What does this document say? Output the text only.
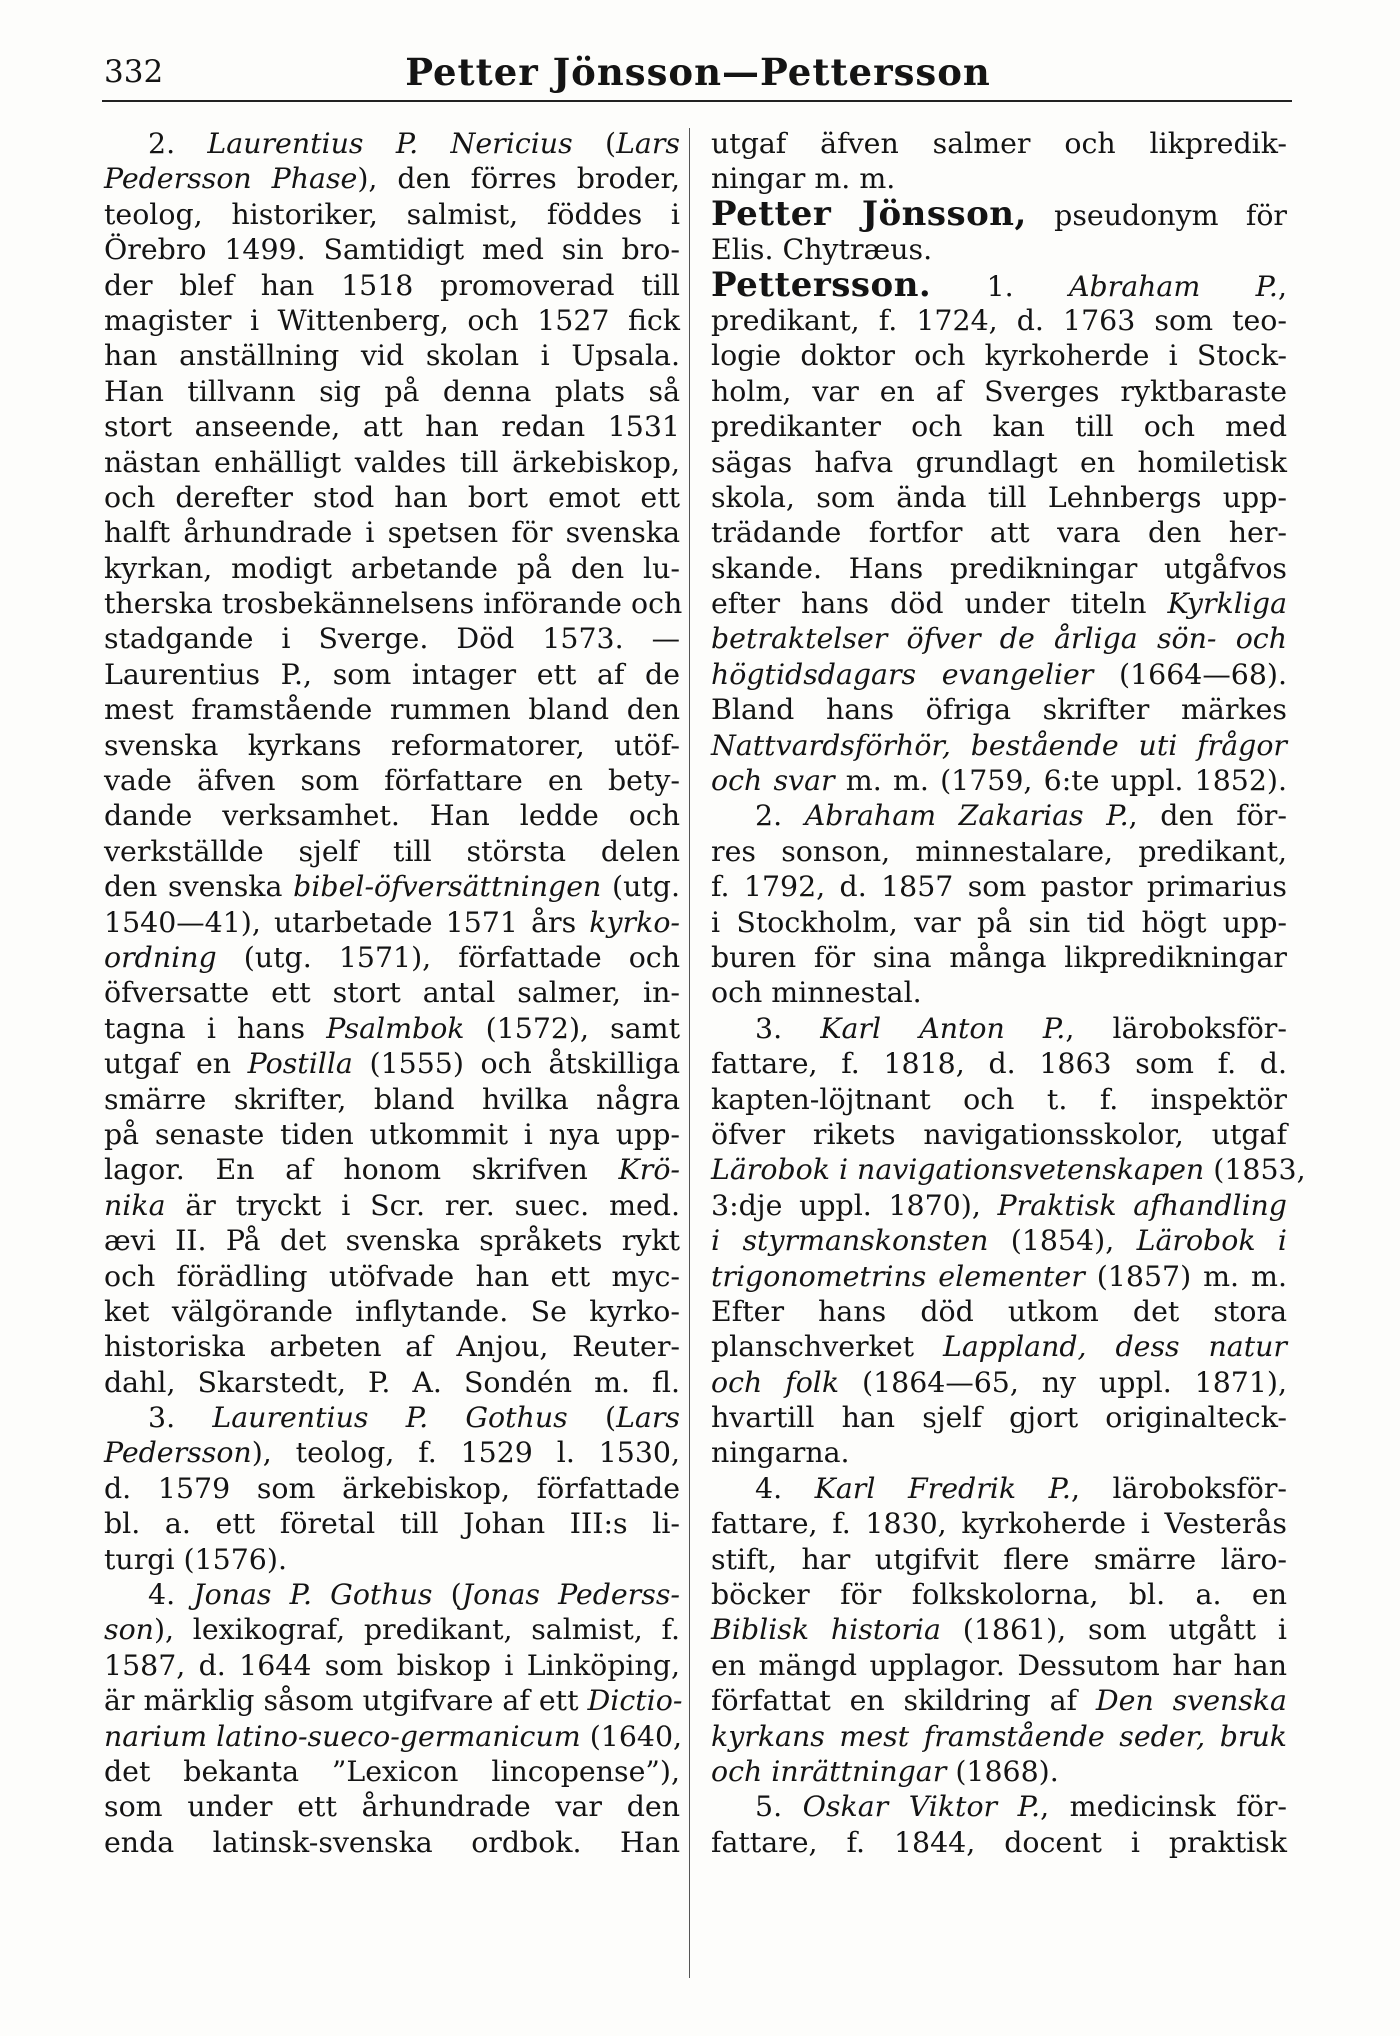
332	Petter Jönsson—Pettersson
2. Laurentius P. Nericius (Lars
Pedersson Phase), den förres broder,
teolog, historiker, salmist, föddes i
Örebro 1499. Samtidigt med sin bro-
der blef han 1518 promoverad till
magister i Wittenberg, och 1527 fick
han anställning vid skolan i Upsala.
Han tillvann sig på denna plats så
stort anseende, att han redan 1531
nästan enhälligt valdes till ärkebiskop,
och derefter stod han bort emot ett
halft århundrade i spetsen för svenska
kyrkan, modigt arbetande på den lu-
therska trosbekännelsens införande och
stadgande i Sverge. Död 1573. —
Laurentius P., som intager ett af de
mest framstående rummen bland den
svenska kyrkans reformatorer, utöf-
vade äfven som författare en bety-
dande verksamhet. Han ledde och
verkställde sjelf till största delen
den svenska bibel-öfversättningen (utg.
1540—41), utarbetade 1571 års kyrko-
ordning (utg. 1571), författade och
öfversatte ett stort antal salmer, in-
tagna i hans Psalmbok (1572), samt
utgaf en Postilla (1555) och åtskilliga
smärre skrifter, bland hvilka några
på senaste tiden utkommit i nya upp-
lagor. En af honom skrifven Krö-
nika är tryckt i Scr. rer. suec. med.
ævi II. På det svenska språkets rykt
och förädling utöfvade han ett myc-
ket välgörande inflytande. Se kyrko-
historiska arbeten af Anjou, Reuter-
dahl, Skarstedt, P. A. Sondén m. fl.
3. Laurentius P. Gothus (Lars
Pedersson), teolog, f. 1529 l. 1530,
d. 1579 som ärkebiskop, författade
bl. a. ett företal till Johan III:s li-
turgi (1576).
4. Jonas P. Gothus (Jonas Pederss-
son), lexikograf, predikant, salmist, f.
1587, d. 1644 som biskop i Linköping,
är märklig såsom utgifvare af ett Dictio-
narium latino-sueco-germanicum (1640,
det bekanta ”Lexicon lincopense”),
som under ett århundrade var den
enda latinsk-svenska ordbok. Han
utgaf äfven salmer och likpredik-
ningar m. m.
Petter Jönsson, pseudonym för
Elis. Chytræus.
Pettersson. 1. Abraham P.,
predikant, f. 1724, d. 1763 som teo-
logie doktor och kyrkoherde i Stock-
holm, var en af Sverges ryktbaraste
predikanter och kan till och med
sägas hafva grundlagt en homiletisk
skola, som ända till Lehnbergs upp-
trädande fortfor att vara den her-
skande. Hans predikningar utgåfvos
efter hans död under titeln Kyrkliga
betraktelser öfver de årliga sön- och
högtidsdagars evangelier (1664—68).
Bland hans öfriga skrifter märkes
Nattvardsförhör, bestående uti frågor
och svar m. m. (1759, 6:te uppl. 1852).
2. Abraham Zakarias P., den för-
res sonson, minnestalare, predikant,
f. 1792, d. 1857 som pastor primarius
i Stockholm, var på sin tid högt upp-
buren för sina många likpredikningar
och minnestal.
3. Karl Anton P., läroboksför-
fattare, f. 1818, d. 1863 som f. d.
kapten-löjtnant och t. f. inspektör
öfver rikets navigationsskolor, utgaf
Lärobok i navigationsvetenskapen (1853,
3:dje uppl. 1870), Praktisk afhandling
i styrmanskonsten (1854), Lärobok i
trigonometrins elementer (1857) m. m.
Efter hans död utkom det stora
planschverket Lappland, dess natur
och folk (1864—65, ny uppl. 1871),
hvartill han sjelf gjort originalteck-
ningarna.
4. Karl Fredrik P., läroboksför-
fattare, f. 1830, kyrkoherde i Vesterås
stift, har utgifvit flere smärre läro-
böcker för folkskolorna, bl. a. en
Biblisk historia (1861), som utgått i
en mängd upplagor. Dessutom har han
författat en skildring af Den svenska
kyrkans mest framstående seder, bruk
och inrättningar (1868).
5. Oskar Viktor P., medicinsk för-
fattare, f. 1844, docent i praktisk
